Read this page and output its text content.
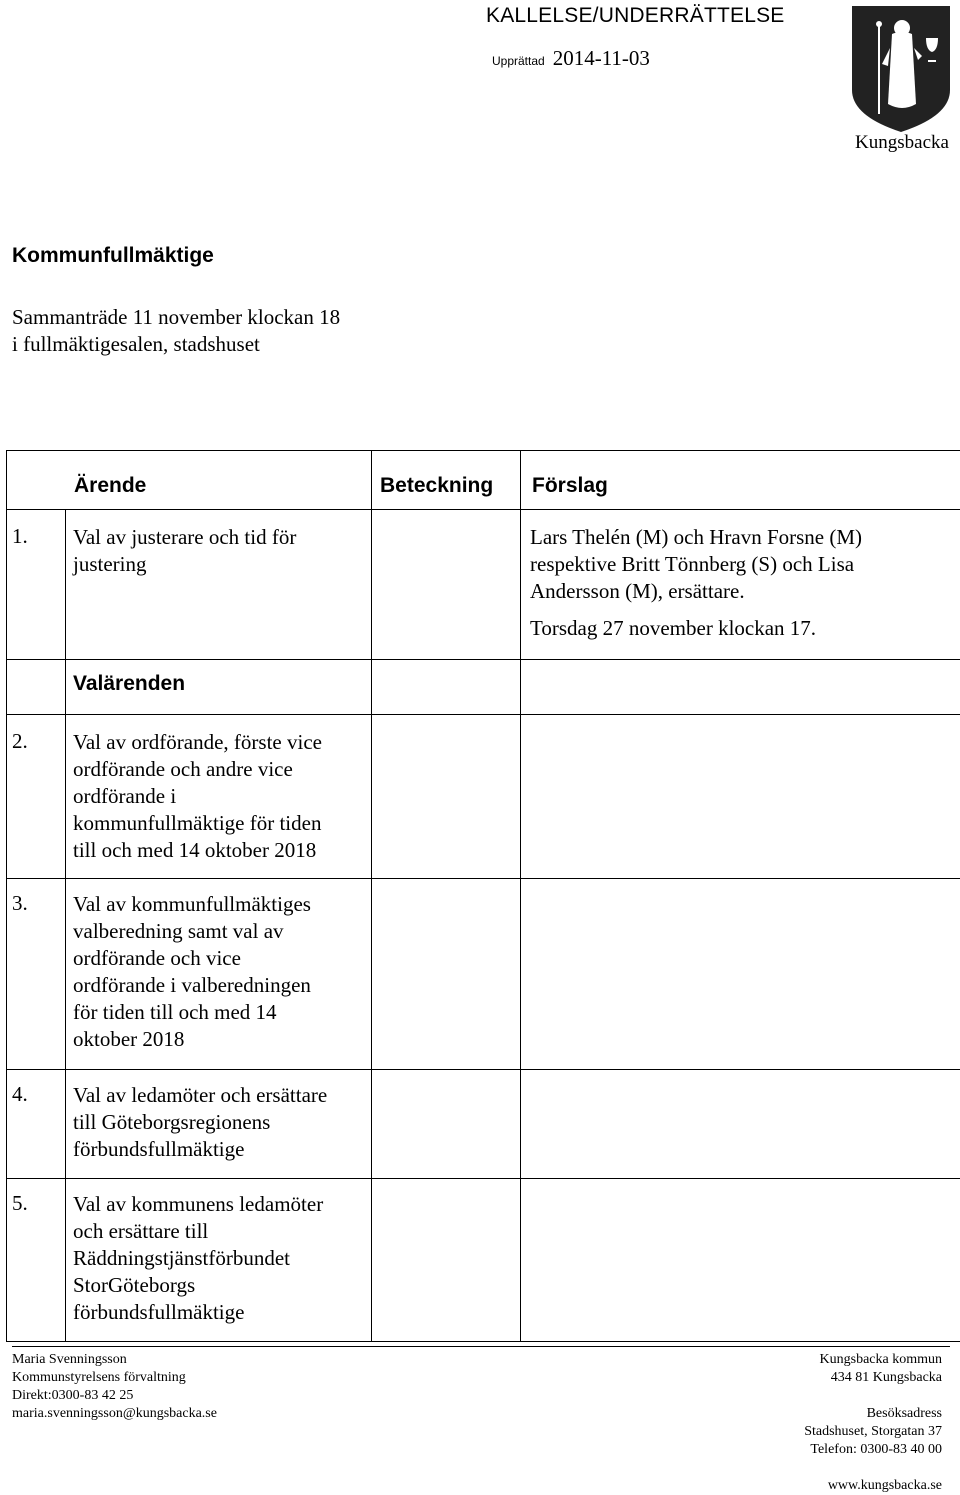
KALLELSE/UNDERRÄTTELSE
Upprättad 2014-11-03
Kungsbacka
Kommunfullmäktige
Sammanträde 11 november klockan 18
i fullmäktigesalen, stadshuset
Ärende	Beteckning Förslag
1. Val av justerare och tid för
justering
Lars Thelén (M) och Hravn Forsne (M)
respektive Britt Tönnberg (S) och Lisa
Andersson (M), ersättare.
Torsdag 27 november klockan 17.
Valärenden
2. Val av ordförande, förste vice
ordförande och andre vice
ordförande i
kommunfullmäktige för tiden
till och med 14 oktober 2018
3. Val av kommunfullmäktiges
valberedning samt val av
ordförande och vice
ordförande i valberedningen
för tiden till och med 14
oktober 2018
4. Val av ledamöter och ersättare
till Göteborgsregionens
förbundsfullmäktige
5. Val av kommunens ledamöter
och ersättare till
Räddningstjänstförbundet
StorGöteborgs
förbundsfullmäktige
Maria Svenningsson
Kommunstyrelsens förvaltning
Direkt:0300-83 42 25
maria.svenningsson@kungsbacka.se
Kungsbacka kommun
434 81 Kungsbacka
Besöksadress
Stadshuset, Storgatan 37
Telefon: 0300-83 40 00
www.kungsbacka.se
